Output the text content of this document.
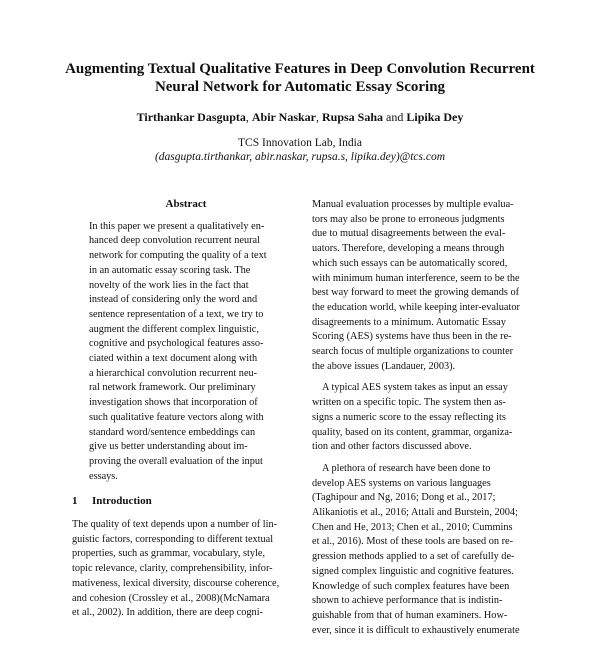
Augmenting Textual Qualitative Features in Deep Convolution Recurrent
Neural Network for Automatic Essay Scoring
Tirthankar Dasgupta, Abir Naskar, Rupsa Saha and Lipika Dey
TCS Innovation Lab, India
(dasgupta.tirthankar, abir.naskar, rupsa.s, lipika.dey)@tcs.com
Abstract
In this paper we present a qualitatively en-
hanced deep convolution recurrent neural
network for computing the quality of a text
in an automatic essay scoring task. The
novelty of the work lies in the fact that
instead of considering only the word and
sentence representation of a text, we try to
augment the different complex linguistic,
cognitive and psychological features asso-
ciated within a text document along with
a hierarchical convolution recurrent neu-
ral network framework. Our preliminary
investigation shows that incorporation of
such qualitative feature vectors along with
standard word/sentence embeddings can
give us better understanding about im-
proving the overall evaluation of the input
essays.
1 Introduction
The quality of text depends upon a number of lin-
guistic factors, corresponding to different textual
properties, such as grammar, vocabulary, style,
topic relevance, clarity, comprehensibility, infor-
mativeness, lexical diversity, discourse coherence,
and cohesion (Crossley et al., 2008)(McNamara
et al., 2002). In addition, there are deep cogni-
Manual evaluation processes by multiple evalua-
tors may also be prone to erroneous judgments
due to mutual disagreements between the eval-
uators. Therefore, developing a means through
which such essays can be automatically scored,
with minimum human interference, seem to be the
best way forward to meet the growing demands of
the education world, while keeping inter-evaluator
disagreements to a minimum. Automatic Essay
Scoring (AES) systems have thus been in the re-
search focus of multiple organizations to counter
the above issues (Landauer, 2003).
A typical AES system takes as input an essay
written on a specific topic. The system then as-
signs a numeric score to the essay reflecting its
quality, based on its content, grammar, organiza-
tion and other factors discussed above.
A plethora of research have been done to
develop AES systems on various languages
(Taghipour and Ng, 2016; Dong et al., 2017;
Alikaniotis et al., 2016; Attali and Burstein, 2004;
Chen and He, 2013; Chen et al., 2010; Cummins
et al., 2016). Most of these tools are based on re-
gression methods applied to a set of carefully de-
signed complex linguistic and cognitive features.
Knowledge of such complex features have been
shown to achieve performance that is indistin-
guishable from that of human examiners. How-
ever, since it is difficult to exhaustively enumerate
